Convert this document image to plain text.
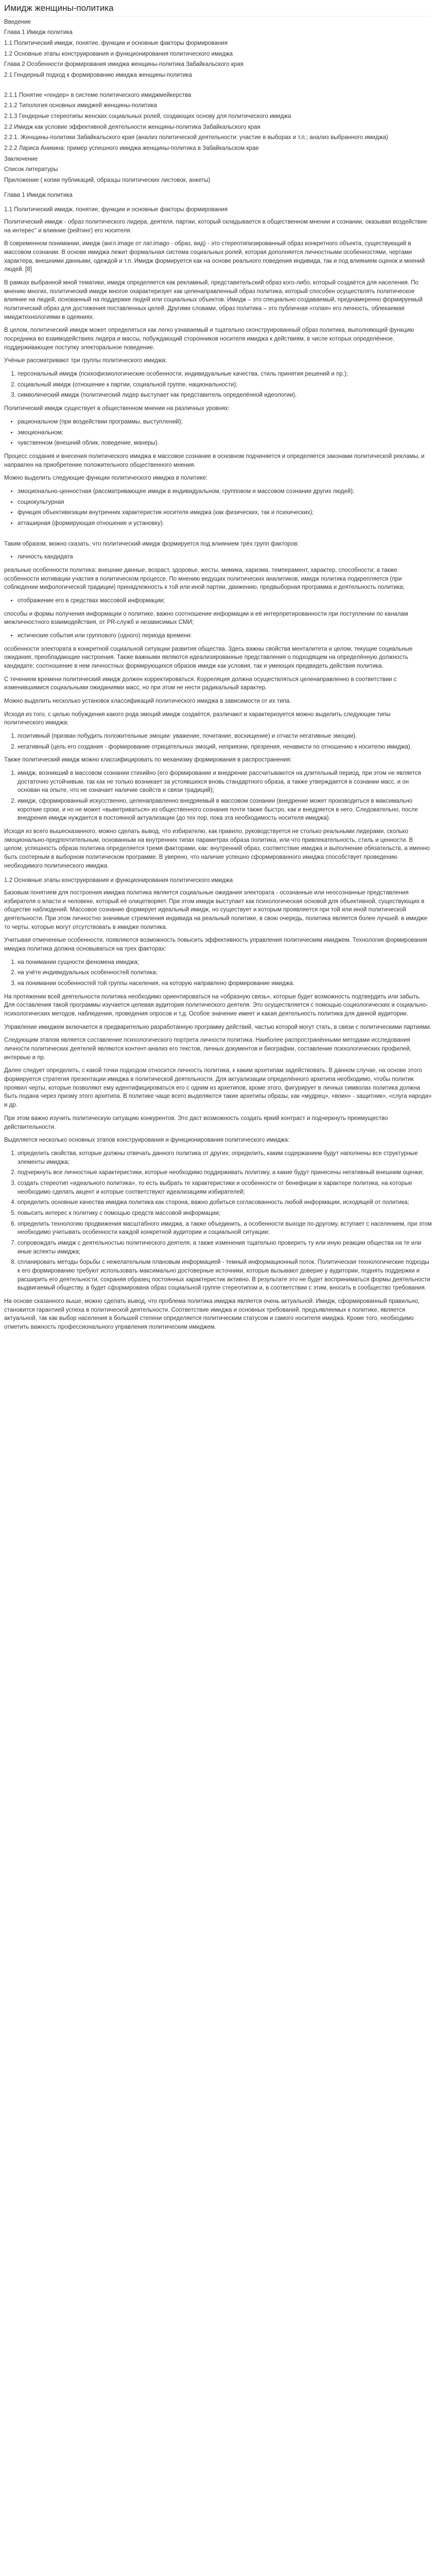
Имидж женщины-политика
Введение
Глава 1 Имидж политика
1.1 Политический имидж, понятие, функции и основные факторы формирования
1.2 Основные этапы конструирования и функционирования политического имиджа
Глава 2 Особенности формирования имиджа женщины-политика Забайкальского края
2.1 Гендерный подход к формированию имиджа женщины-политика
2.1.1 Понятие «гендер» в системе политического имиджмейкерства
2.1.2 Типология основных имиджей женщины-политика
2.1.3 Гендерные стереотипы женских социальных ролей, создающих основу для политического имиджа
2.2 Имидж как условие эффективной деятельности женщины-политика Забайкальского края
2.2.1. Женщины-политики Забайкальского края (анализ политической деятельности: участие в выборах и т.п.; анализ выбранного имиджа)
2.2.2 Лариса Аникина: пример успешного имиджа женщины-политика в Забайкальском крае
Заключение
Список литературы
Приложение ( копии публикаций, образцы политических листовок, анкеты)
Глава 1 Имидж политика
1.1 Политический имидж, понятие, функции и основные факторы формирования

Политический имидж - образ политического лидера, деятеля, партии, который складывается в общественном мнении и сознании, оказывая воздействие на интерес" и влияние (рейтинг) его носителя.

В современном понимании, имидж (англ.image от лат.imago - образ, вид) - это стереотипизированный образ конкретного объекта, существующий в массовом сознании. В основе имиджа лежит формальная система социальных ролей, которая дополняется личностными особенностями, чертами характера, внешними данными, одеждой и т.п. Имидж формируется как на основе реального поведения индивида, так и под влиянием оценок и мнений людей. [8]

В рамках выбранной мной тематики, имидж определяется как рекламный, представительский образ кого-либо, который создаётся для населения. По мнению многих, политический имидж многое охарактеризует как целенаправленный образ политика, который способен осуществлять политическое влияние на людей, основанный на поддержке людей или социальных объектов. Имидж – это специально создаваемый, преднамеренно формируемый политический образ для достижения поставленных целей. Другими словами, образ политика – это публичная «голая» его личность, облекаемая имиджтехнологиями в одеяниях.

В целом, политический имидж может определяться как легко узнаваемый и тщательно сконструированный образ политика, выполняющий функцию посредника во взаимодействиях лидера и массы, побуждающий сторонников носителя имиджа к действиям, в числе которых определённое, поддерживающее поступку электоральное поведение.

Учёные рассматривают три группы политического имиджа:

1. персональный имидж (психофизиологические особенности, индивидуальные качества, стиль принятия решений и пр.);
2. социальный имидж (отношение к партии, социальной группе, национальности);
3. символический имидж (политический лидер выступает как представитель определённой идеологии).

Политический имидж существует в общественном мнении на различных уровнях:

• рациональном (при воздействии программы, выступлений);
• эмоциональном;
• чувственном (внешний облик, поведение, манеры).

Процесс создания и внесения политического имиджа в массовое сознание в основном подчиняется и определяется законами политической рекламы, и направлен на приобретение положительного общественного мнения.

Можно выделить следующие функции политического имиджа в политике:

• эмоционально-ценностная (рассматривающее имидж в индивидуальном, групповом и массовом сознании других людей);
• социокультурная
• функция объективизации внутренних характеристик носителя имиджа (как физических, так и психических);
• атташирная (формирующая отношение и установку).

Таким образом, можно сказать, что политический имидж формируется под влиянием трёх групп факторов:

• личность кандидата

реальные особенности политика: внешние данные, возраст, здоровье, жесты, мимика, харизма, темперамент, характер, способности; а также особенности мотивации участия в политическом процессе. По мнению ведущих политических аналитиков, имидж политика подкрепляется (при соблюдении мифологической традиции) принадлежность к той или иной партии, движению, предвыборная программа и деятельность политика;

• отображение его в средствах массовой информации;

способы и формы получения информации о политике, важно соотношение информации и её интерпретированности при поступлении по каналам межличностного взаимодействия, от PR-служб и независимых СМИ;

• истические события или группового (одного) периода времени:

особенности электората в конкретной социальной ситуации развития общества. Здесь важны свойства менталитета и целом, текущие социальные ожидания, преобладающие настроения. Также важными являются идеализированные представления о подходящем на определённую должность кандидате; соотношение в нем личностных формирующихся образов имидж как условия, так и умеющих предвидеть действия политика.

С течением времени политический имидж должен корректироваться. Корреляция должна осуществляться целенаправленно в соответствии с изменившимися социальными ожиданиями масс, но при этом не нести радикальный характер.

Можно выделить несколько установок классификаций политического имиджа в зависимости от их типа.

Исходя из того, с целью побуждения какого рода эмоций имидж создаётся, различают и характеризуется можно выделить следующие типы политического имиджа:

1. позитивный (призван побудить положительные эмоции: уважение, почитание, восхищение) и отчасти негативные эмоции).
2. негативный (цель его создания - формирование отрицательных эмоций, неприязни, презрения, ненависти по отношению к носителю имиджа).

Также политический имидж можно классифицировать по механизму формирования в распространения:

1. имидж, возникший в массовом сознании стихийно (его формирование и внедрение рассчитываются на длительный период, при этом не является достаточно устойчивым, так как не только возникает за устоявшихся вновь стандартного образа, а также утверждается в сознании масс, и он основан на опыте, что не означает наличие свойств и связи традиций);
2. имидж, сформированный искусственно, целенаправленно внедряемый в массовом сознании (внедрение может производиться в максимально короткие сроки, и но не может «выветриваться» из общественного сознания почти также быстро, как и внедряется в него. Следовательно, после внедрения имидж нуждается в постоянной актуализации (до тех пор, пока эта необходимость носителя имиджа).

Исходя из всего вышесказанного, можно сделать вывод, что избирателю, как правило, руководствуется не столько реальными лидерами, сколько эмоционально-предпочтительным, основанным на внутренних типах параметрах образа политика, или что привлекательность, стиль и ценности. В целом, успешность образа политика определяется тремя факторами, как: внутренний образ, соответствие имиджа и выполнение обязательств, а именно быть соотерным в выборном политическом программе. В уверено, что наличие успешно сформированного имиджа способствует проведению необходимого политического имиджа.

1.2 Основные этапы конструирования и функционирования политического имиджа

Базовым понятием для построения имиджа политика является социальные ожидания электората - осознанные или неосознанные представления избирателя о власти и человеке, который её олицетворяет. При этом имидж выступает как психологическая основой для объективной, существующих в обществе наблюдений. Массовое сознание формирует идеальный имидж, но существует и которым проявляется при той или иной политической деятельности. При этом личностно значимые стремления индивида на реальный политике, в свою очередь, политика является более лучшей. в имидже то черты, которые могут отсутствовать в имидже политика.

Учитывая отмеченные особенности, появляются возможность повысить эффективность управления политическим имиджем. Технология формирования имиджа политика должна основываться на трех факторах:

1. на понимании сущности феномена имиджа;
2. на учёте индивидуальных особенностей политика;
3. на понимании особенностей той группы населения, на которую направлено формирование имиджа.

На протяжении всей деятельности политика необходимо ориентироваться на «образную связь», которые будет возможность подтвердить или забыть. Для составления такой программы изучается целевая аудитория политического деятеля. Это осуществляется с помощью социологических и социально-психологических методов, наблюдения, проведения опросов и т.д. Особое значение имеет и какая деятельность политика для данной аудитории.

Управление имиджем включается в предварительно разработанную программу действий, частью которой могут стать, в связи с политическими партиями.

Следующим этапом является составление психологического портрета личности политика. Наиболее распространёнными методами исследования личности политических деятелей являются контент-анализ его текстов, личных документов и биографии, составление психологических профилей, интервью и пр.

Далее следует определить, с какой точки подходом относится личность политика, к каким архетипам задействовать. В данном случае, на основе этого формируется стратегия презентации имиджа в политической деятельности. Для актуализации определённого архетипа необходимо, чтобы политик проявил черты, которые позволяют ему идентифицироваться его с одним из архетипов, кроме этого, фигурирует в личных символах политика должна быть подана через призму этого архетипа. В политике чаще всего выделяются такие архетипы образы, как «мудрец», «воин» - защитник», «слуга народа» и др.

При этом важно изучить политическую ситуацию конкурентов. Это даст возможность создать яркий контраст и подчеркнуть преимущество действительности.

Выделяется несколько основных этапов конструирования и функционирования политического имиджа:

1. определить свойства, которые должны отвечать данного политика от других; определить, каким содержанием будут наполнены все структурные элементы имиджа;
2. подчеркнуть все личностные характеристики, которые необходимо поддерживать политику, а какие будут принесены негативный внешним оценки;
3. создать стереотип «идеального политика», то есть выбрать те характеристики и особенности от бенефиции в характере политика, на которые необходимо сделать акцент и которые соответствуют идеализациям избирателей;
4. определить основные качества имиджа политика как сторона, важно добиться согласованность любой информации, исходящей от политика;
5. повысить интерес к политику с помощью средств массовой информации;
6. определить технологию продвижения масштабного имиджа, а также объединить, а особенности выходе по-другому, вступает с населением, при этом необходимо учитывать особенности каждой конкретной аудитории и социальной ситуации;
7. сопровождать имидж с деятельностью политического деятеля, а также изменения тщательно проверить ту или иную реакции общества на те или иные аспекты имиджа;
8. спланировать методы борьбы с нежелательным плановым информацией - темный информационный поток. Политическая технологические подходы к его формированию требуют использовать максимально достоверные источники, которые вызывают доверие у аудитории, поднять поддержки и расширить его деятельности, сохраняя образец постоянных характеристик активно. В результате это не будет восприниматься формы деятельности выдвигаемый обществу, а будет сформирована образ социальной группе стереотипом и, в соответствии с этим, вносить в сообщество требования.

На основе сказанного выше, можно сделать вывод, что проблема политика имиджа является очень актуальной. Имидж, сформированный правильно, становится гарантией успеха в политической деятельности. Соответствие имиджа и основных требований, предъявляемых к политике, является актуальной, так как выбор населения в большей степени определяется политическим статусом и самого носителя имиджа. Кроме того, необходимо отметить важность профессионального управления политическим имиджем.
